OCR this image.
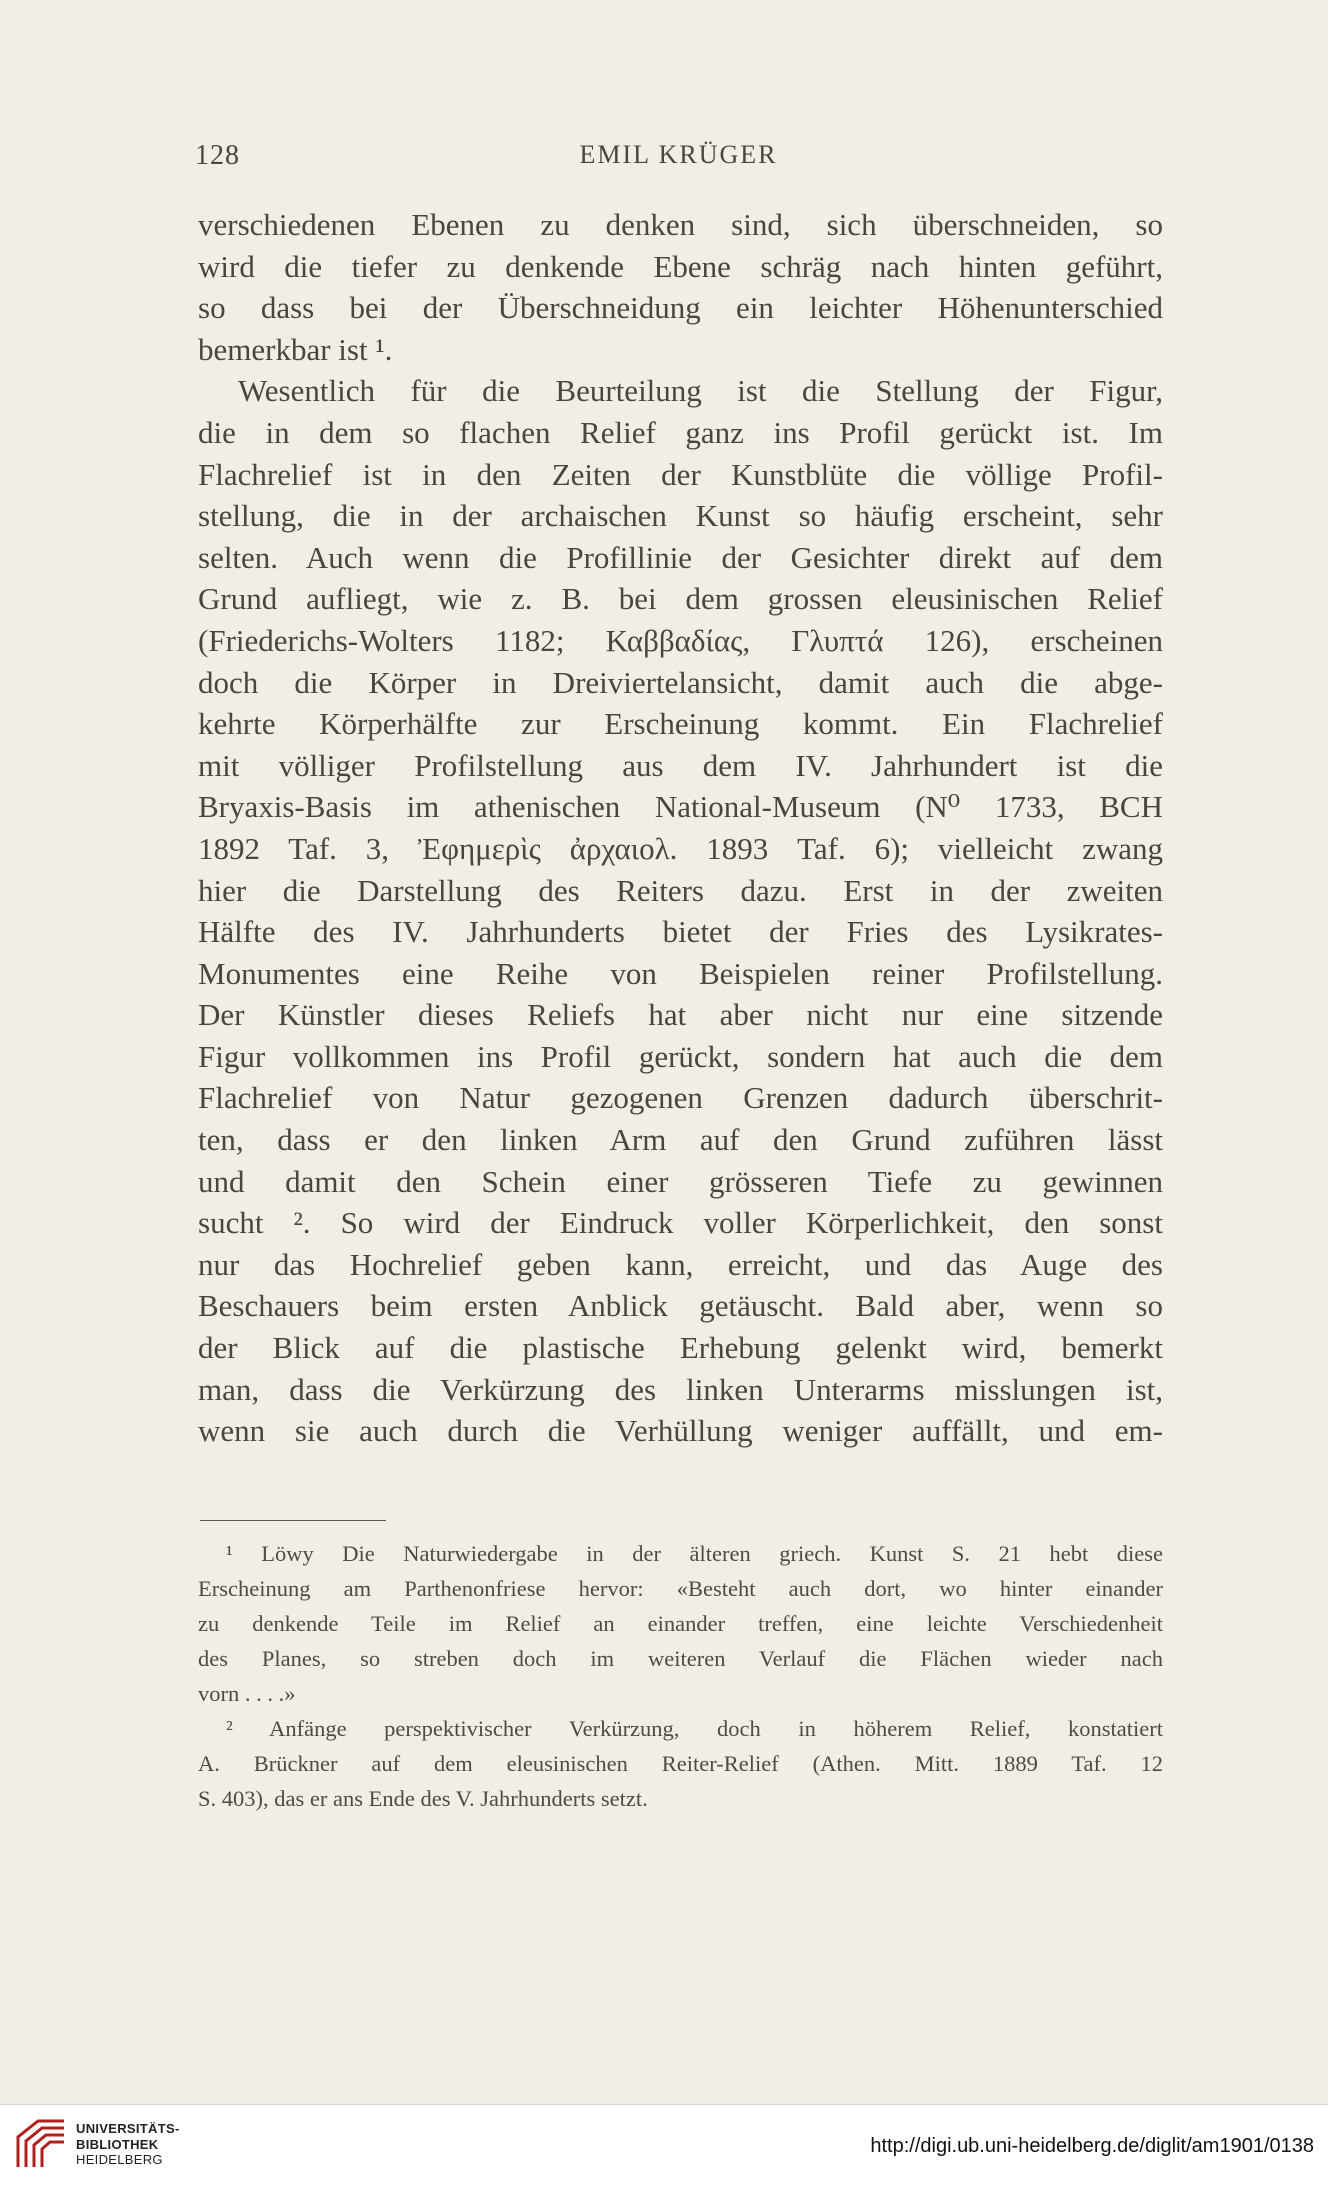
128	EMIL KRÜGER
verschiedenen Ebenen zu denken sind, sich überschneiden, so
wird die tiefer zu denkende Ebene schräg nach hinten geführt,
so dass bei der Überschneidung ein leichter Höhenunterschied
bemerkbar ist ¹.
Wesentlich für die Beurteilung ist die Stellung der Figur,
die in dem so flachen Relief ganz ins Profil gerückt ist. Im
Flachrelief ist in den Zeiten der Kunstblüte die völlige Profil-
stellung, die in der archaischen Kunst so häufig erscheint, sehr
selten. Auch wenn die Profillinie der Gesichter direkt auf dem
Grund aufliegt, wie z. B. bei dem grossen eleusinischen Relief
(Friederichs-Wolters 1182; Καββαδίας, Γλυπτά 126), erscheinen
doch die Körper in Dreiviertelansicht, damit auch die abge-
kehrte Körperhälfte zur Erscheinung kommt. Ein Flachrelief
mit völliger Profilstellung aus dem IV. Jahrhundert ist die
Bryaxis-Basis im athenischen National-Museum (N⁰ 1733, BCH
1892 Taf. 3, Ἐφημερὶς ἀρχαιολ. 1893 Taf. 6); vielleicht zwang
hier die Darstellung des Reiters dazu. Erst in der zweiten
Hälfte des IV. Jahrhunderts bietet der Fries des Lysikrates-
Monumentes eine Reihe von Beispielen reiner Profilstellung.
Der Künstler dieses Reliefs hat aber nicht nur eine sitzende
Figur vollkommen ins Profil gerückt, sondern hat auch die dem
Flachrelief von Natur gezogenen Grenzen dadurch überschrit-
ten, dass er den linken Arm auf den Grund zuführen lässt
und damit den Schein einer grösseren Tiefe zu gewinnen
sucht ². So wird der Eindruck voller Körperlichkeit, den sonst
nur das Hochrelief geben kann, erreicht, und das Auge des
Beschauers beim ersten Anblick getäuscht. Bald aber, wenn so
der Blick auf die plastische Erhebung gelenkt wird, bemerkt
man, dass die Verkürzung des linken Unterarms misslungen ist,
wenn sie auch durch die Verhüllung weniger auffällt, und em-
¹ Löwy Die Naturwiedergabe in der älteren griech. Kunst S. 21 hebt diese
Erscheinung am Parthenonfriese hervor: «Besteht auch dort, wo hinter einander
zu denkende Teile im Relief an einander treffen, eine leichte Verschiedenheit
des Planes, so streben doch im weiteren Verlauf die Flächen wieder nach
vorn . . . .»
² Anfänge perspektivischer Verkürzung, doch in höherem Relief, konstatiert
A. Brückner auf dem eleusinischen Reiter-Relief (Athen. Mitt. 1889 Taf. 12
S. 403), das er ans Ende des V. Jahrhunderts setzt.
UNIVERSITÄTS-
BIBLIOTHEK
HEIDELBERG
http://digi.ub.uni-heidelberg.de/diglit/am1901/0138
